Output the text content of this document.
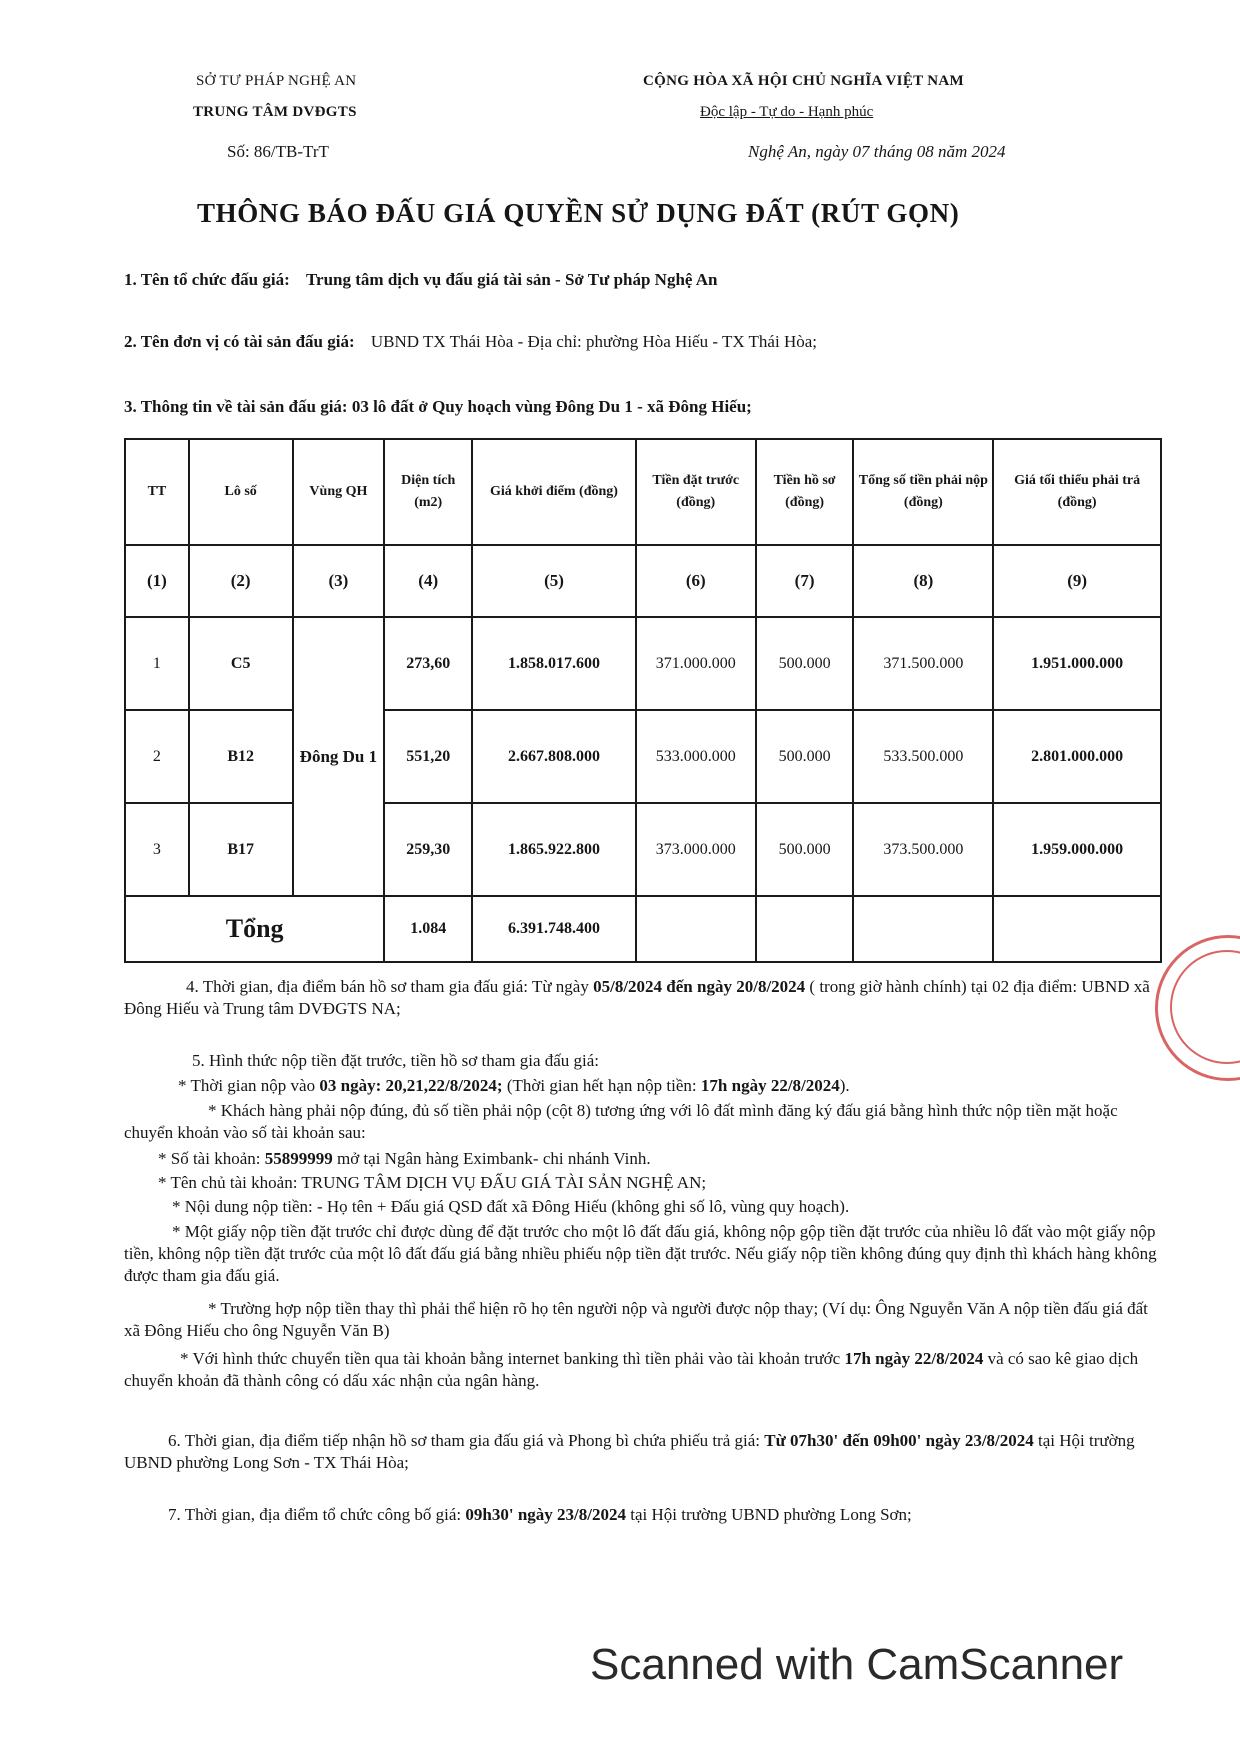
SỞ TƯ PHÁP NGHỆ AN
TRUNG TÂM DVĐGTS
Số: 86/TB-TrT
CỘNG HÒA XÃ HỘI CHỦ NGHĨA VIỆT NAM
Độc lập - Tự do - Hạnh phúc
Nghệ An, ngày 07 tháng 08 năm 2024
THÔNG BÁO ĐẤU GIÁ QUYỀN SỬ DỤNG ĐẤT (RÚT GỌN)
1. Tên tổ chức đấu giá: Trung tâm dịch vụ đấu giá tài sản - Sở Tư pháp Nghệ An
2. Tên đơn vị có tài sản đấu giá: UBND TX Thái Hòa - Địa chỉ: phường Hòa Hiếu - TX Thái Hòa;
3. Thông tin về tài sản đấu giá: 03 lô đất ở Quy hoạch vùng Đông Du 1 - xã Đông Hiếu;
TT	Lô số	Vùng QH	Diện tích (m2)	Giá khởi điểm (đồng)	Tiền đặt trước (đồng)	Tiền hồ sơ (đồng)	Tổng số tiền phải nộp (đồng)	Giá tối thiểu phải trả (đồng)
(1)	(2)	(3)	(4)	(5)	(6)	(7)	(8)	(9)
1	C5	Đông Du 1	273,60	1.858.017.600	371.000.000	500.000	371.500.000	1.951.000.000
2	B12		551,20	2.667.808.000	533.000.000	500.000	533.500.000	2.801.000.000
3	B17		259,30	1.865.922.800	373.000.000	500.000	373.500.000	1.959.000.000
Tổng			1.084	6.391.748.400				
4. Thời gian, địa điểm bán hồ sơ tham gia đấu giá: Từ ngày 05/8/2024 đến ngày 20/8/2024 ( trong giờ hành chính) tại 02 địa điểm: UBND xã Đông Hiếu và Trung tâm DVĐGTS NA;
5. Hình thức nộp tiền đặt trước, tiền hồ sơ tham gia đấu giá:
* Thời gian nộp vào 03 ngày: 20,21,22/8/2024; (Thời gian hết hạn nộp tiền: 17h ngày 22/8/2024).
* Khách hàng phải nộp đúng, đủ số tiền phải nộp (cột 8) tương ứng với lô đất mình đăng ký đấu giá bằng hình thức nộp tiền mặt hoặc chuyển khoản vào số tài khoản sau:
* Số tài khoản: 55899999 mở tại Ngân hàng Eximbank- chi nhánh Vinh.
* Tên chủ tài khoản: TRUNG TÂM DỊCH VỤ ĐẤU GIÁ TÀI SẢN NGHỆ AN;
* Nội dung nộp tiền: - Họ tên + Đấu giá QSD đất xã Đông Hiếu (không ghi số lô, vùng quy hoạch).
* Một giấy nộp tiền đặt trước chỉ được dùng để đặt trước cho một lô đất đấu giá, không nộp gộp tiền đặt trước của nhiều lô đất vào một giấy nộp tiền, không nộp tiền đặt trước của một lô đất đấu giá bằng nhiều phiếu nộp tiền đặt trước. Nếu giấy nộp tiền không đúng quy định thì khách hàng không được tham gia đấu giá.
* Trường hợp nộp tiền thay thì phải thể hiện rõ họ tên người nộp và người được nộp thay; (Ví dụ: Ông Nguyễn Văn A nộp tiền đấu giá đất xã Đông Hiếu cho ông Nguyễn Văn B)
* Với hình thức chuyển tiền qua tài khoản bằng internet banking thì tiền phải vào tài khoản trước 17h ngày 22/8/2024 và có sao kê giao dịch chuyển khoản đã thành công có dấu xác nhận của ngân hàng.
6. Thời gian, địa điểm tiếp nhận hồ sơ tham gia đấu giá và Phong bì chứa phiếu trả giá: Từ 07h30' đến 09h00' ngày 23/8/2024 tại Hội trường UBND phường Long Sơn - TX Thái Hòa;
7. Thời gian, địa điểm tổ chức công bố giá: 09h30' ngày 23/8/2024 tại Hội trường UBND phường Long Sơn;
Scanned with CamScanner
